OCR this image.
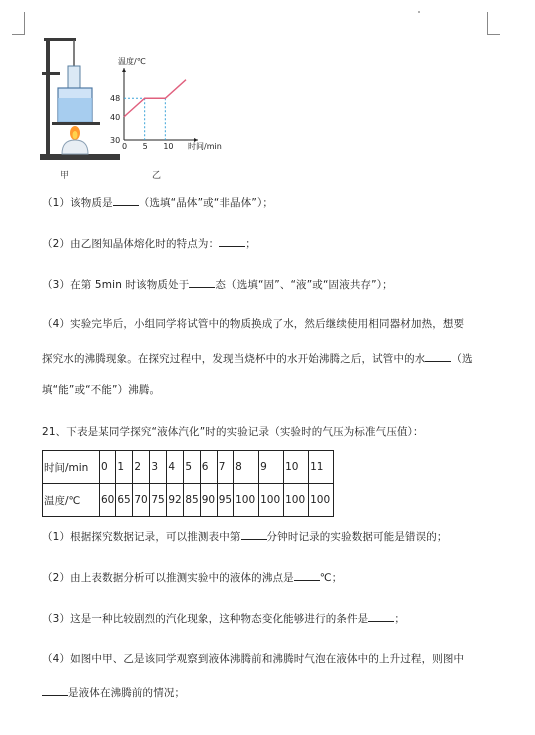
温度/℃
时间/min
0 5 10
30
40
48
甲	乙
（1）该物质是 （选填“晶体”或“非晶体”）；
（2）由乙图知晶体熔化时的特点为： ；
（3）在第 5min 时该物质处于 态（选填“固”、“液”或“固液共存”）；
（4）实验完毕后，小组同学将试管中的物质换成了水，然后继续使用相同器材加热，想要
探究水的沸腾现象。在探究过程中，发现当烧杯中的水开始沸腾之后，试管中的水 （选
填“能”或“不能”）沸腾。
21、下表是某同学探究“液体汽化”时的实验记录（实验时的气压为标准气压值）：
时间/min	0	1	2	3	4	5	6	7	8	9	10	11
温度/℃	60	65	70	75	92	85	90	95	100	100	100	100
（1）根据探究数据记录，可以推测表中第 分钟时记录的实验数据可能是错误的；
（2）由上表数据分析可以推测实验中的液体的沸点是 ℃；
（3）这是一种比较剧烈的汽化现象，这种物态变化能够进行的条件是 ；
（4）如图中甲、乙是该同学观察到液体沸腾前和沸腾时气泡在液体中的上升过程，则图中
是液体在沸腾前的情况；
